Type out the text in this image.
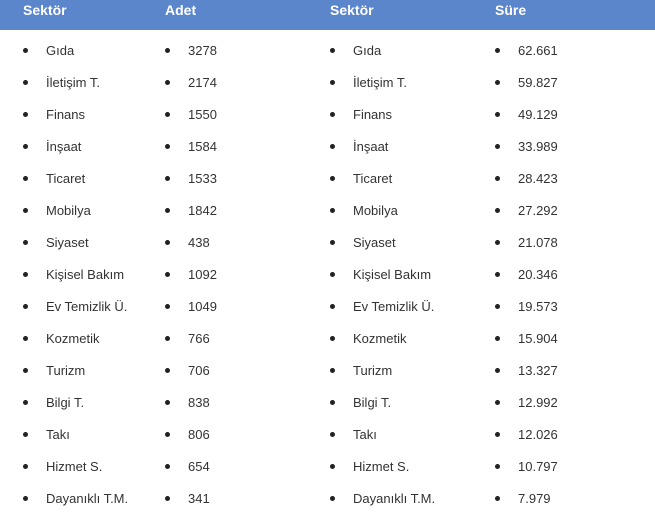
Sektör	Adet	Sektör	Süre

Gıda	3278	Gıda	62.661

İletişim T.	2174	İletişim T.	59.827

Finans	1550	Finans	49.129

İnşaat	1584	İnşaat	33.989

Ticaret	1533	Ticaret	28.423

Mobilya	1842	Mobilya	27.292

Siyaset	438	Siyaset	21.078

Kişisel Bakım	1092	Kişisel Bakım	20.346

Ev Temizlik Ü.	1049	Ev Temizlik Ü.	19.573

Kozmetik	766	Kozmetik	15.904

Turizm	706	Turizm	13.327

Bilgi T.	838	Bilgi T.	12.992

Takı	806	Takı	12.026

Hizmet S.	654	Hizmet S.	10.797

Dayanıklı T.M.	341	Dayanıklı T.M.	7.979
